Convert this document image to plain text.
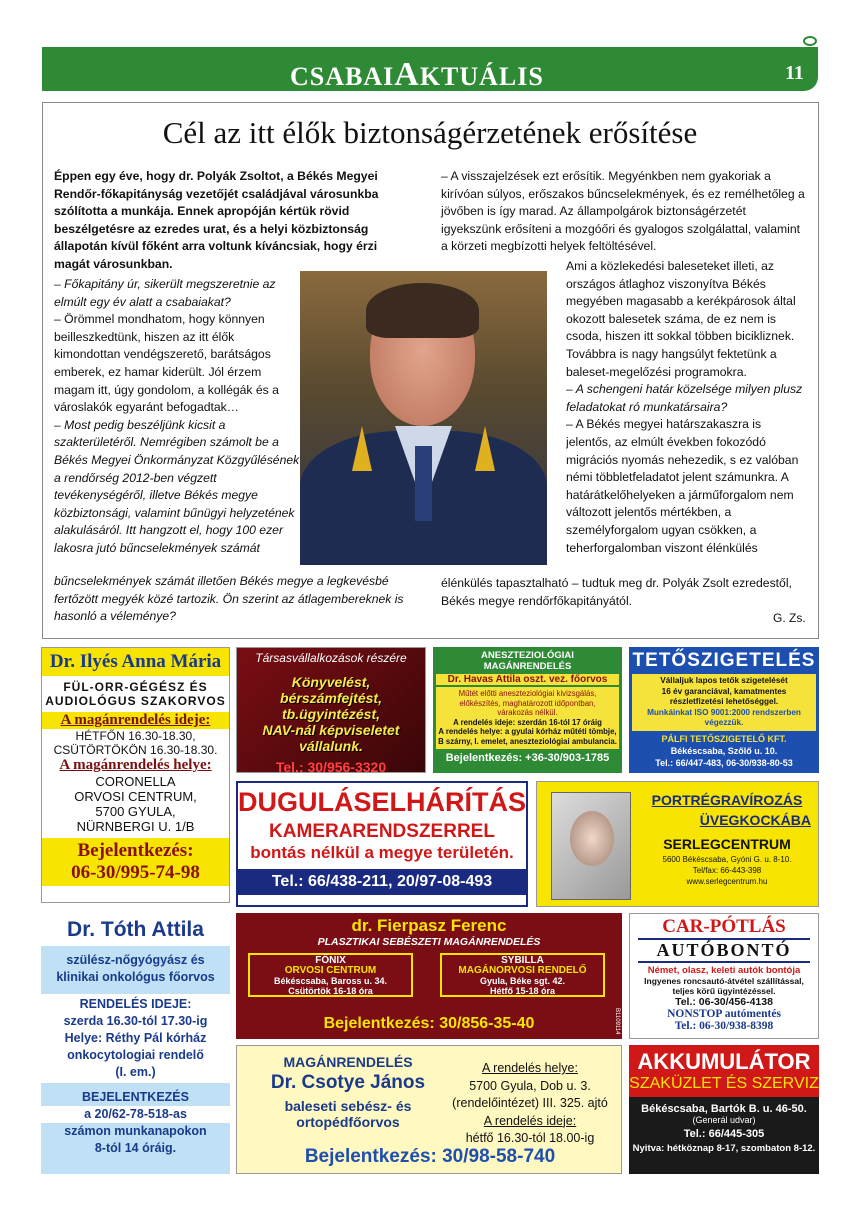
CSABAIAKTUÁLIS	11
Cél az itt élők biztonságérzetének erősítése

Éppen egy éve, hogy dr. Polyák Zsoltot, a Békés Megyei Rendőr-főkapitányság vezetőjét családjával városunkba szólította a munkája. Ennek apropóján kértük rövid beszélgetésre az ezredes urat, és a helyi közbiztonság állapotán kívül főként arra voltunk kíváncsiak, hogy érzi magát városunkban.

– Főkapitány úr, sikerült megszeretnie az elmúlt egy év alatt a csabaiakat?

– Örömmel mondhatom, hogy könnyen beilleszkedtünk, hiszen az itt élők kimondottan vendégszerető, barátságos emberek, ez hamar kiderült. Jól érzem magam itt, úgy gondolom, a kollégák és a városlakók egyaránt befogadtak…

– Most pedig beszéljünk kicsit a szakterületéről. Nemrégiben számolt be a Békés Megyei Önkormányzat Közgyűlésének a rendőrség 2012-ben végzett tevékenységéről, illetve Békés megye közbiztonsági, valamint bűnügyi helyzetének alakulásáról. Itt hangzott el, hogy 100 ezer lakosra jutó bűncselekmények számát

bűncselekmények számát illetően Békés megye a legkevésbé fertőzött megyék közé tartozik. Ön szerint az átlagembereknek is hasonló a véleménye?

– A visszajelzések ezt erősítik. Megyénkben nem gyakoriak a kirívóan súlyos, erőszakos bűncselekmények, és ez remélhetőleg a jövőben is így marad. Az állampolgárok biztonságérzetét igyekszünk erősíteni a mozgóőri és gyalogos szolgálattal, valamint a körzeti megbízotti helyek feltöltésével.

Ami a közlekedési baleseteket illeti, az országos átlaghoz viszonyítva Békés megyében magasabb a kerékpárosok által okozott balesetek száma, de ez nem is csoda, hiszen itt sokkal többen bicikliznek. Továbbra is nagy hangsúlyt fektetünk a baleset-megelőzési programokra.

– A schengeni határ közelsége milyen plusz feladatokat ró munkatársaira?

– A Békés megyei határszakaszra is jelentős, az elmúlt években fokozódó migrációs nyomás nehezedik, s ez valóban némi többletfeladatot jelent számunkra. A határátkelőhelyeken a járműforgalom nem változott jelentős mértékben, a személyforgalom ugyan csökken, a teherforgalomban viszont élénkülés

élénkülés tapasztalható – tudtuk meg dr. Polyák Zsolt ezredestől, Békés megye rendőrfőkapitányától.
G. Zs.
Dr. Ilyés Anna Mária
FÜL-ORR-GÉGÉSZ ÉS
AUDIOLÓGUS SZAKORVOS
A magánrendelés ideje:
HÉTFŐN 16.30-18.30,
CSÜTÖRTÖKÖN 16.30-18.30.
A magánrendelés helye:
CORONELLA
ORVOSI CENTRUM,
5700 GYULA,
NÜRNBERGI U. 1/B
Bejelentkezés:
06-30/995-74-98
Társasvállalkozások részére
Könyvelést,
bérszámfejtést,
tb.ügyintézést,
NAV-nál képviseletet
vállalunk.
Tel.: 30/956-3320
ANESZTEZIOLÓGIAI MAGÁNRENDELÉS
Dr. Havas Attila oszt. vez. főorvos
Műtét előtti aneszteziológiai kivizsgálás,
előkészítés, maghatározott időpontban,
várakozás nélkül.
A rendelés ideje: szerdán 16-tól 17 óráig
A rendelés helye: a gyulai kórház műtéti tömbje,
B szárny, I. emelet, aneszteziológiai ambulancia.
Bejelentkezés: +36-30/903-1785
TETŐSZIGETELÉS
Vállaljuk lapos tetők szigetelését
16 év garanciával, kamatmentes
részletfizetési lehetőséggel.
Munkáinkat ISO 9001:2000 rendszerben végezzük.
PÁLFI TETŐSZIGETELŐ KFT.
Békéscsaba, Szőlő u. 10.
Tel.: 66/447-483, 06-30/938-80-53
DUGULÁSELHÁRÍTÁS
KAMERARENDSZERREL
bontás nélkül a megye területén.
Tel.: 66/438-211, 20/97-08-493
PORTRÉGRAVÍROZÁS
ÜVEGKOCKÁBA
SERLEGCENTRUM
5600 Békéscsaba, Gyóni G. u. 8-10.
Tel/fax: 66-443-398
www.serlegcentrum.hu
Dr. Tóth Attila
szülész-nőgyógyász és
klinikai onkológus főorvos
RENDELÉS IDEJE:
szerda 16.30-tól 17.30-ig
Helye: Réthy Pál kórház
onkocytologiai rendelő
(I. em.)
BEJELENTKEZÉS
a 20/62-78-518-as
számon munkanapokon
8-tól 14 óráig.
dr. Fierpasz Ferenc
PLASZTIKAI SEBÉSZETI MAGÁNRENDELÉS
FŐNIX
ORVOSI CENTRUM
Békéscsaba, Baross u. 34.
Csütörtök 16-18 óra
SYBILLA
MAGÁNORVOSI RENDELŐ
Gyula, Béke sgt. 42.
Hétfő 15-18 óra
Bejelentkezés: 30/856-35-40	B1109114
CAR-PÓTLÁS
AUTÓBONTÓ
Német, olasz, keleti autók bontója
Ingyenes roncsautó-átvétel szállítással,
teljes körű ügyintézéssel.
Tel.: 06-30/456-4138
NONSTOP autómentés
Tel.: 06-30/938-8398
MAGÁNRENDELÉS
Dr. Csotye János
baleseti sebész- és
ortopédfőorvos
A rendelés helye:
5700 Gyula, Dob u. 3.
(rendelőintézet) III. 325. ajtó
A rendelés ideje:
hétfő 16.30-tól 18.00-ig
Bejelentkezés: 30/98-58-740
AKKUMULÁTOR
SZAKÜZLET ÉS SZERVIZ
Békéscsaba, Bartók B. u. 46-50.
(Generál udvar)
Tel.: 66/445-305
Nyitva: hétköznap 8-17, szombaton 8-12.
